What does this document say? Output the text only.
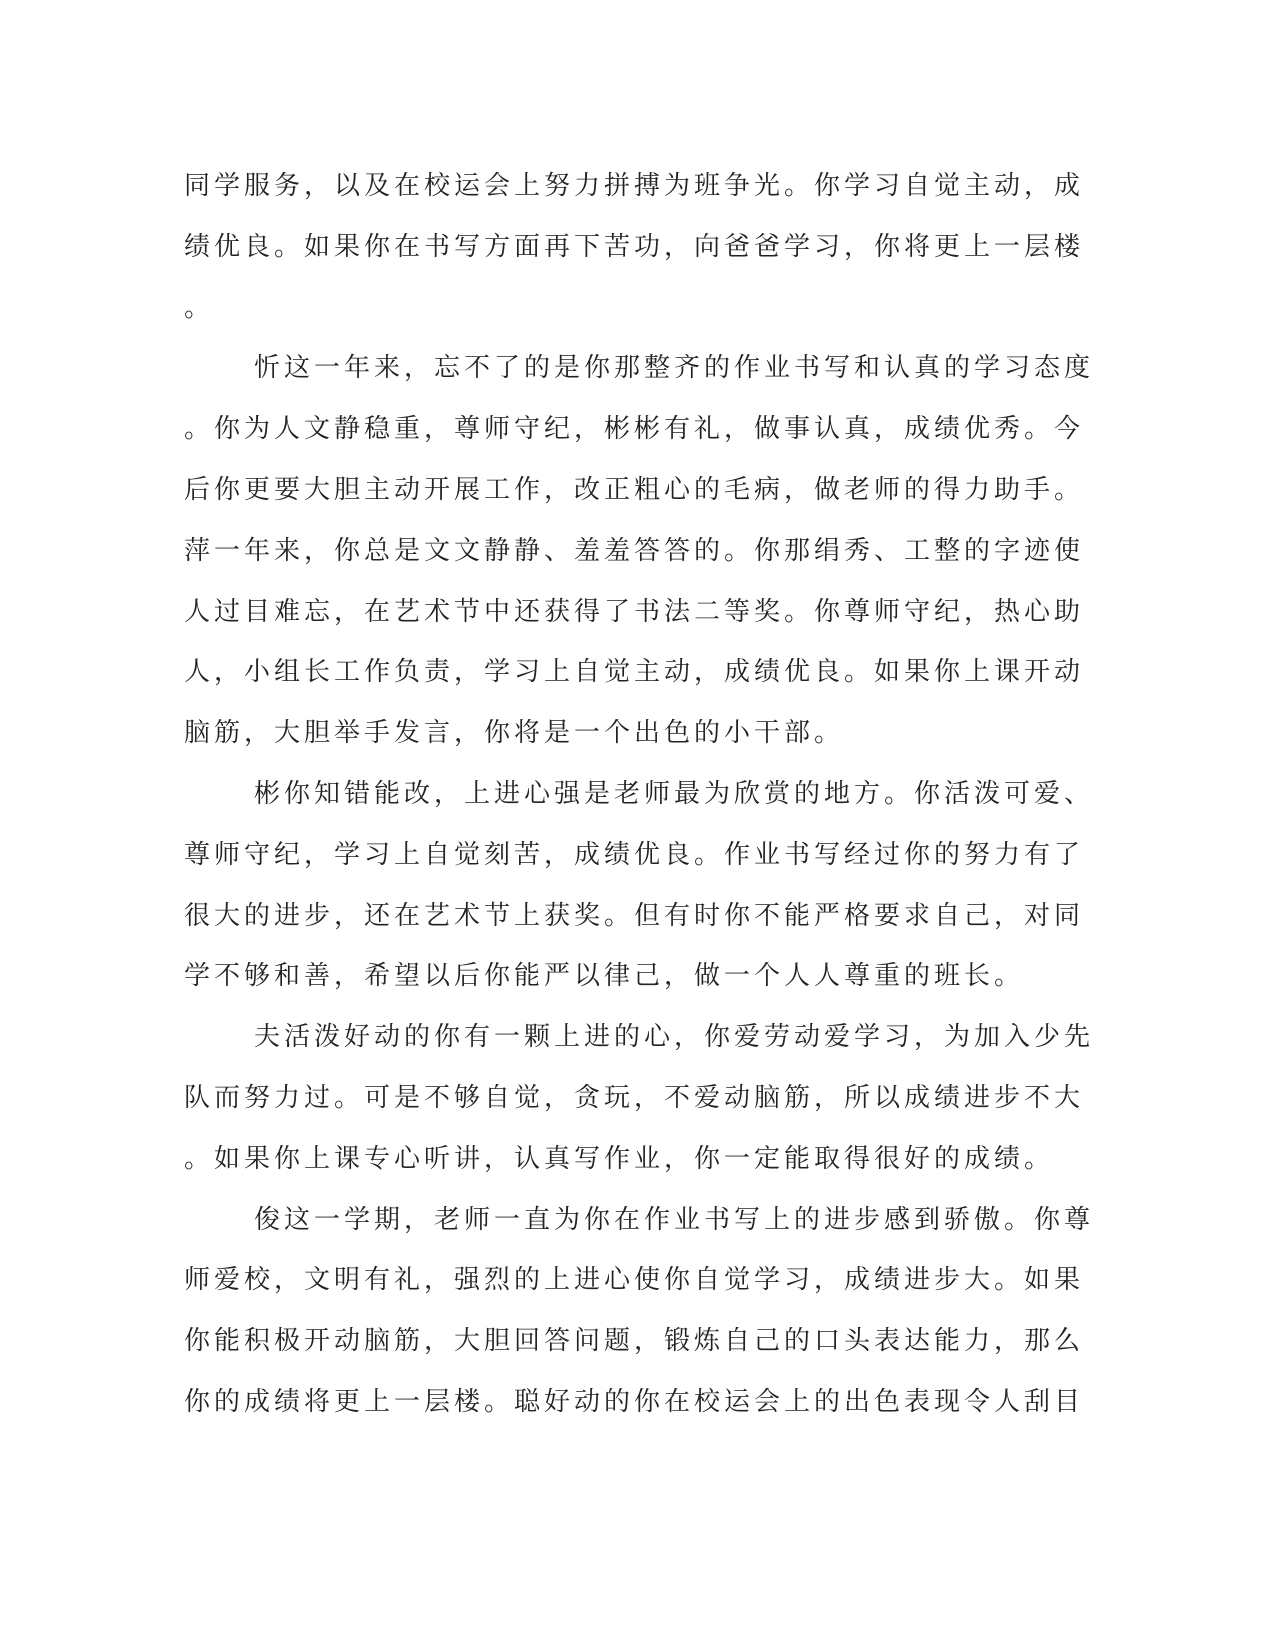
同学服务，以及在校运会上努力拼搏为班争光。你学习自觉主动，成
绩优良。如果你在书写方面再下苦功，向爸爸学习，你将更上一层楼
。
忻这一年来，忘不了的是你那整齐的作业书写和认真的学习态度
。你为人文静稳重，尊师守纪，彬彬有礼，做事认真，成绩优秀。今
后你更要大胆主动开展工作，改正粗心的毛病，做老师的得力助手。
萍一年来，你总是文文静静、羞羞答答的。你那绢秀、工整的字迹使
人过目难忘，在艺术节中还获得了书法二等奖。你尊师守纪，热心助
人，小组长工作负责，学习上自觉主动，成绩优良。如果你上课开动
脑筋，大胆举手发言，你将是一个出色的小干部。
彬你知错能改，上进心强是老师最为欣赏的地方。你活泼可爱、
尊师守纪，学习上自觉刻苦，成绩优良。作业书写经过你的努力有了
很大的进步，还在艺术节上获奖。但有时你不能严格要求自己，对同
学不够和善，希望以后你能严以律己，做一个人人尊重的班长。
夫活泼好动的你有一颗上进的心，你爱劳动爱学习，为加入少先
队而努力过。可是不够自觉，贪玩，不爱动脑筋，所以成绩进步不大
。如果你上课专心听讲，认真写作业，你一定能取得很好的成绩。
俊这一学期，老师一直为你在作业书写上的进步感到骄傲。你尊
师爱校，文明有礼，强烈的上进心使你自觉学习，成绩进步大。如果
你能积极开动脑筋，大胆回答问题，锻炼自己的口头表达能力，那么
你的成绩将更上一层楼。聪好动的你在校运会上的出色表现令人刮目
